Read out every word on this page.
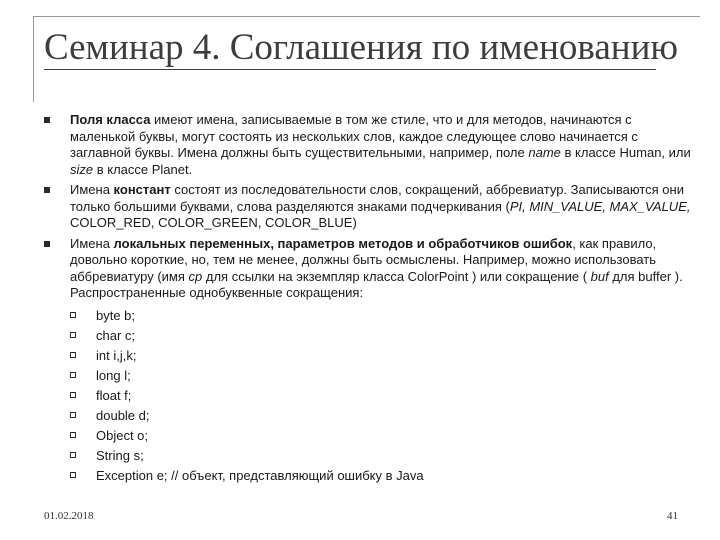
Семинар 4. Соглашения по именованию
Поля класса имеют имена, записываемые в том же стиле, что и для методов, начинаются с маленькой буквы, могут состоять из нескольких слов, каждое следующее слово начинается с заглавной буквы. Имена должны быть существительными, например, поле name в классе Human, или size в классе Planet.
Имена констант состоят из последовательности слов, сокращений, аббревиатур. Записываются они только большими буквами, слова разделяются знаками подчеркивания (PI, MIN_VALUE, MAX_VALUE, COLOR_RED, COLOR_GREEN, COLOR_BLUE)
Имена локальных переменных, параметров методов и обработчиков ошибок, как правило, довольно короткие, но, тем не менее, должны быть осмыслены. Например, можно использовать аббревиатуру (имя cp для ссылки на экземпляр класса ColorPoint ) или сокращение ( buf для buffer ). Распространенные однобуквенные сокращения:
byte b;
char c;
int i,j,k;
long l;
float f;
double d;
Object o;
String s;
Exception e; // объект, представляющий ошибку в Java
01.02.2018	41
